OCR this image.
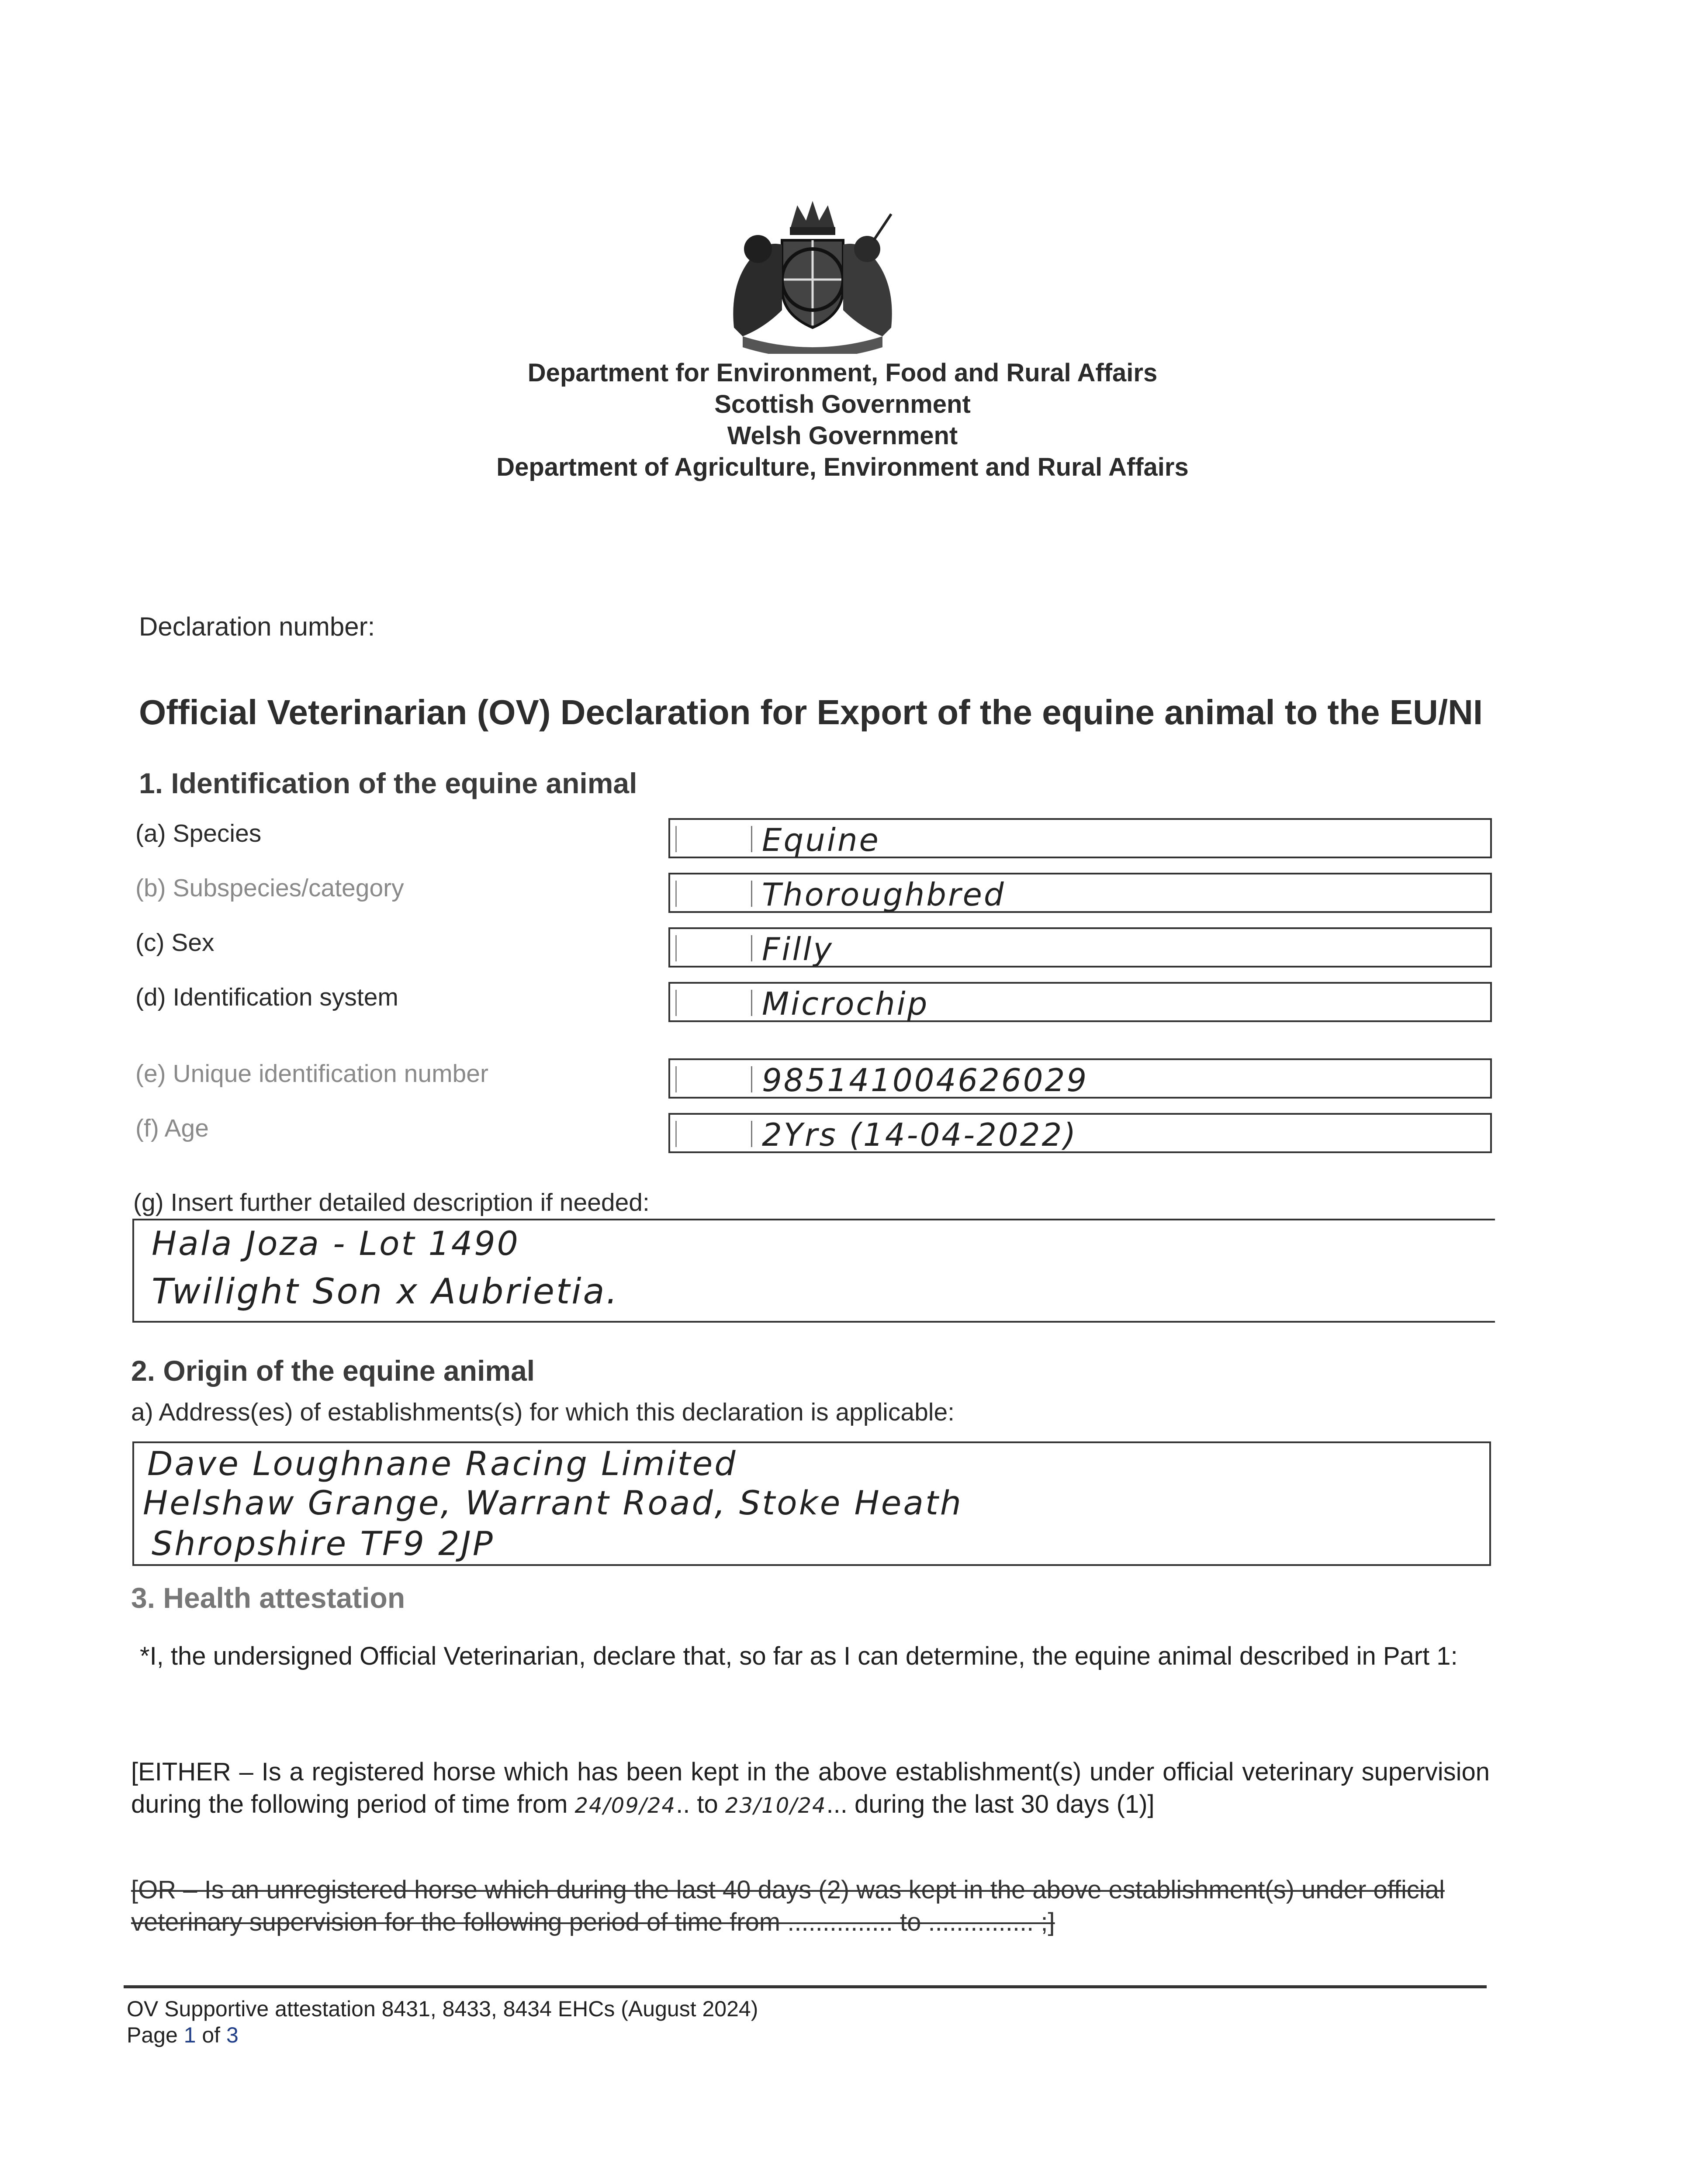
Department for Environment, Food and Rural Affairs
Scottish Government
Welsh Government
Department of Agriculture, Environment and Rural Affairs
Declaration number:
Official Veterinarian (OV) Declaration for Export of the equine animal to the EU/NI
1. Identification of the equine animal
(a) Species	Equine
(b) Subspecies/category	Thoroughbred
(c) Sex	Filly
(d) Identification system	Microchip
(e) Unique identification number	985141004626029
(f) Age	2Yrs (14-04-2022)
(g) Insert further detailed description if needed:
Hala Joza - Lot 1490
Twilight Son x Aubrietia.
2. Origin of the equine animal
a) Address(es) of establishments(s) for which this declaration is applicable:
Dave Loughnane Racing Limited
Helshaw Grange, Warrant Road, Stoke Heath
Shropshire TF9 2JP
3. Health attestation
*I, the undersigned Official Veterinarian, declare that, so far as I can determine, the equine animal described in Part 1:
[EITHER – Is a registered horse which has been kept in the above establishment(s) under official veterinary supervision during the following period of time from 24/09/24.. to 23/10/24... during the last 30 days (1)]
[OR – Is an unregistered horse which during the last 40 days (2) was kept in the above establishment(s) under official veterinary supervision for the following period of time from ............... to ............... ;]
OV Supportive attestation 8431, 8433, 8434 EHCs (August 2024)
Page 1 of 3
